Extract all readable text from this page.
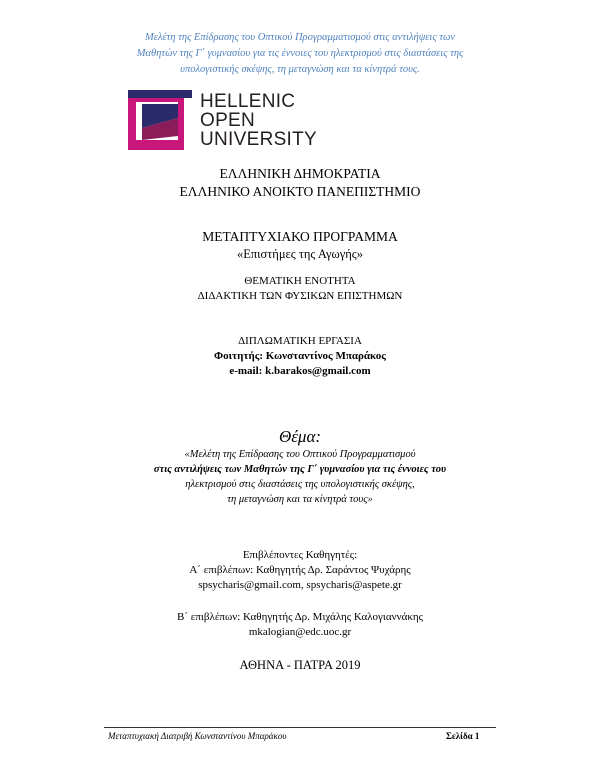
Μελέτη της Επίδρασης του Οπτικού Προγραμματισμού στις αντιλήψεις των
Μαθητών της Γ΄ γυμνασίου για τις έννοιες του ηλεκτρισμού στις διαστάσεις της
υπολογιστικής σκέψης, τη μεταγνώση και τα κίνητρά τους.
HELLENIC
OPEN
UNIVERSITY
ΕΛΛΗΝΙΚΗ ΔΗΜΟΚΡΑΤΙΑ
ΕΛΛΗΝΙΚΟ ΑΝΟΙΚΤΟ ΠΑΝΕΠΙΣΤΗΜΙΟ
ΜΕΤΑΠΤΥΧΙΑΚΟ ΠΡΟΓΡΑΜΜΑ
«Επιστήμες της Αγωγής»
ΘΕΜΑΤΙΚΗ ΕΝΟΤΗΤΑ
ΔΙΔΑΚΤΙΚΗ ΤΩΝ ΦΥΣΙΚΩΝ ΕΠΙΣΤΗΜΩΝ
ΔΙΠΛΩΜΑΤΙΚΗ ΕΡΓΑΣΙΑ
Φοιτητής: Κωνσταντίνος Μπαράκος
e-mail: k.barakos@gmail.com
Θέμα:
«Μελέτη της Επίδρασης του Οπτικού Προγραμματισμού
στις αντιλήψεις των Μαθητών της Γ΄ γυμνασίου για τις έννοιες του
ηλεκτρισμού στις διαστάσεις της υπολογιστικής σκέψης,
τη μεταγνώση και τα κίνητρά τους»
Επιβλέποντες Καθηγητές:
Α΄ επιβλέπων: Καθηγητής Δρ. Σαράντος Ψυχάρης
spsycharis@gmail.com, spsycharis@aspete.gr
Β΄ επιβλέπων: Καθηγητής Δρ. Μιχάλης Καλογιαννάκης
mkalogian@edc.uoc.gr
ΑΘΗΝΑ - ΠΑΤΡΑ 2019
Μεταπτυχιακή Διατριβή Κωνσταντίνου Μπαράκου	Σελίδα 1
